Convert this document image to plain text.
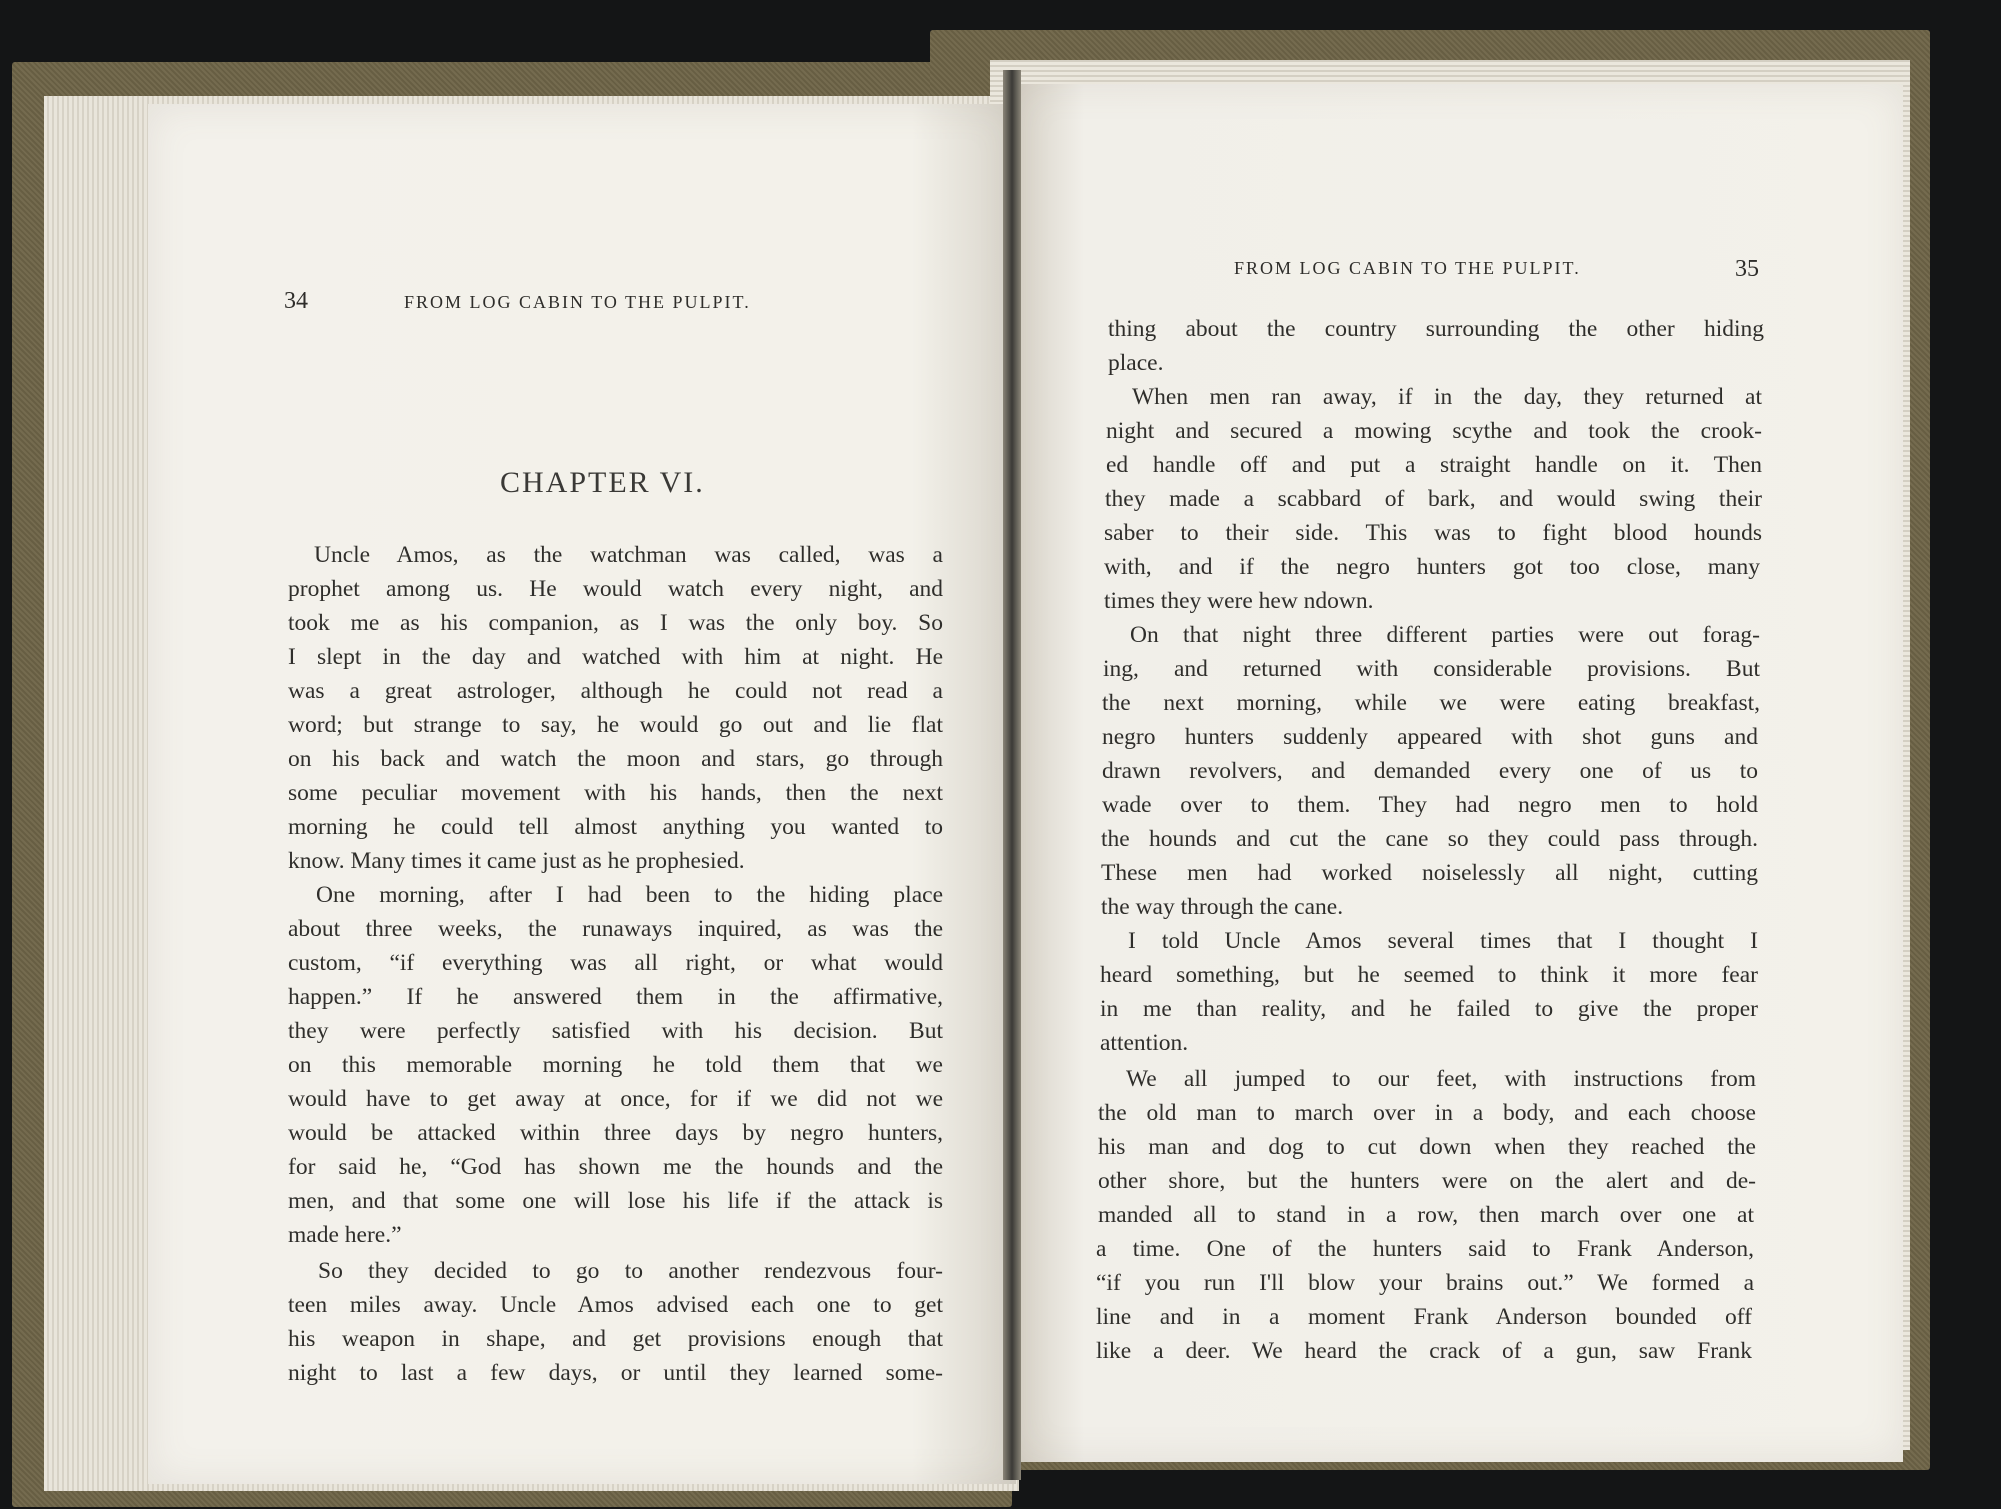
34	FROM LOG CABIN TO THE PULPIT.
CHAPTER VI.
Uncle Amos, as the watchman was called, was a
prophet among us. He would watch every night, and
took me as his companion, as I was the only boy. So
I slept in the day and watched with him at night. He
was a great astrologer, although he could not read a
word; but strange to say, he would go out and lie flat
on his back and watch the moon and stars, go through
some peculiar movement with his hands, then the next
morning he could tell almost anything you wanted to
know. Many times it came just as he prophesied.
One morning, after I had been to the hiding place
about three weeks, the runaways inquired, as was the
custom, “if everything was all right, or what would
happen.” If he answered them in the affirmative,
they were perfectly satisfied with his decision. But
on this memorable morning he told them that we
would have to get away at once, for if we did not we
would be attacked within three days by negro hunters,
for said he, “God has shown me the hounds and the
men, and that some one will lose his life if the attack is
made here.”
So they decided to go to another rendezvous four-
teen miles away. Uncle Amos advised each one to get
his weapon in shape, and get provisions enough that
night to last a few days, or until they learned some-
FROM LOG CABIN TO THE PULPIT.	35
thing about the country surrounding the other hiding
place.
When men ran away, if in the day, they returned at
night and secured a mowing scythe and took the crook-
ed handle off and put a straight handle on it. Then
they made a scabbard of bark, and would swing their
saber to their side. This was to fight blood hounds
with, and if the negro hunters got too close, many
times they were hew ndown.
On that night three different parties were out forag-
ing, and returned with considerable provisions. But
the next morning, while we were eating breakfast,
negro hunters suddenly appeared with shot guns and
drawn revolvers, and demanded every one of us to
wade over to them. They had negro men to hold
the hounds and cut the cane so they could pass through.
These men had worked noiselessly all night, cutting
the way through the cane.
I told Uncle Amos several times that I thought I
heard something, but he seemed to think it more fear
in me than reality, and he failed to give the proper
attention.
We all jumped to our feet, with instructions from
the old man to march over in a body, and each choose
his man and dog to cut down when they reached the
other shore, but the hunters were on the alert and de-
manded all to stand in a row, then march over one at
a time. One of the hunters said to Frank Anderson,
“if you run I'll blow your brains out.” We formed a
line and in a moment Frank Anderson bounded off
like a deer. We heard the crack of a gun, saw Frank
